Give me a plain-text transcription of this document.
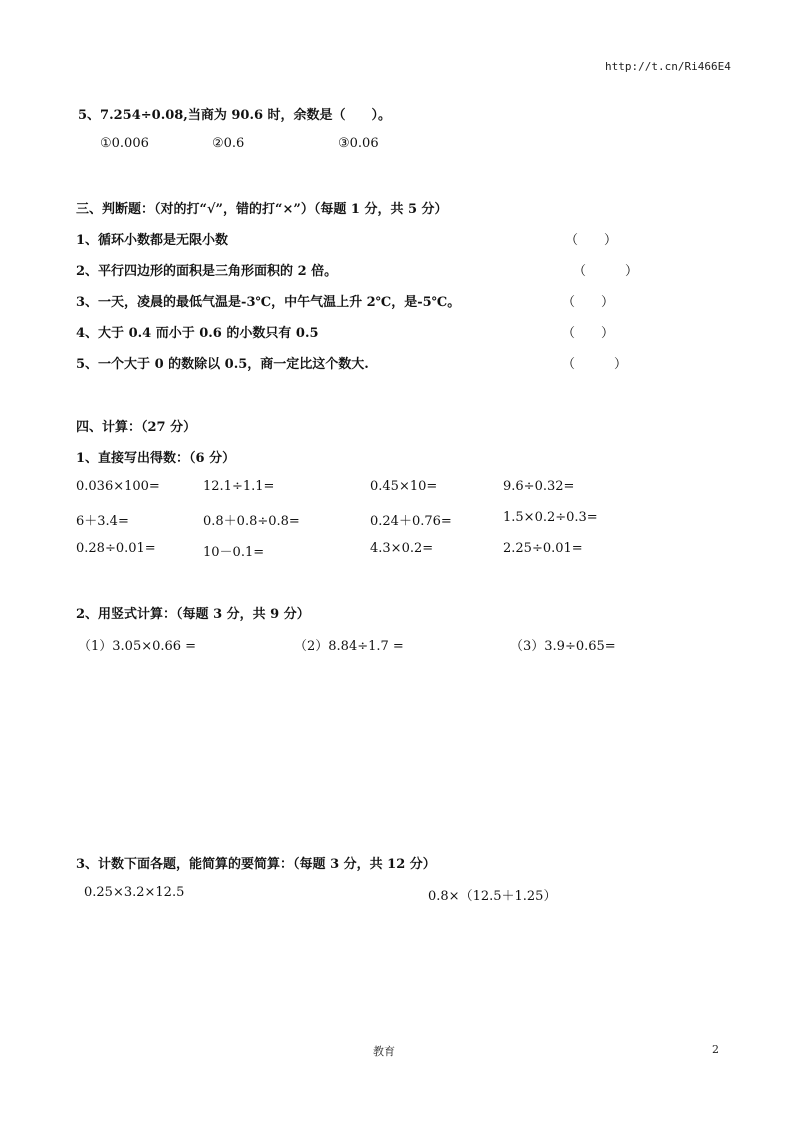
http://t.cn/Ri466E4
5、7.254÷0.08,当商为 90.6 时，余数是（　　）。
①0.006	②0.6	③0.06
三、判断题：（对的打“√”，错的打“×”）（每题 1 分，共 5 分）
1、循环小数都是无限小数	（　　）
2、平行四边形的面积是三角形面积的 2 倍。	（　　　）
3、一天，凌晨的最低气温是-3℃，中午气温上升 2℃，是-5℃。	（　　）
4、大于 0.4 而小于 0.6 的小数只有 0.5	（　　）
5、一个大于 0 的数除以 0.5，商一定比这个数大.	（　　　）
四、计算：（27 分）
1、直接写出得数：（6 分）
0.036×100=	12.1÷1.1=	0.45×10=	9.6÷0.32=
6＋3.4=	0.8＋0.8÷0.8=	0.24＋0.76=	1.5×0.2÷0.3=
0.28÷0.01=	10－0.1=	4.3×0.2=	2.25÷0.01=
2、用竖式计算：（每题 3 分，共 9 分）
（1）3.05×0.66 =	（2）8.84÷1.7 =	（3）3.9÷0.65=
3、计数下面各题，能简算的要简算：（每题 3 分，共 12 分）
0.25×3.2×12.5	0.8×（12.5＋1.25）
教育	2
